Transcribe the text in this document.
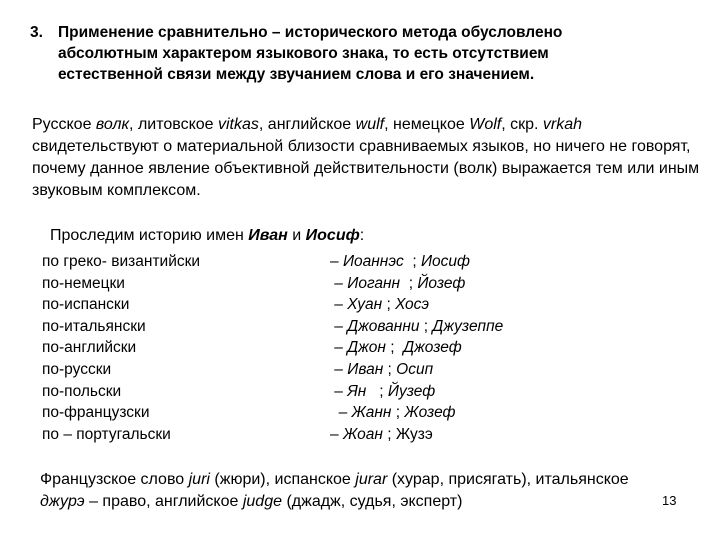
3. Применение сравнительно – исторического метода обусловлено
абсолютным характером языкового знака, то есть отсутствием
естественной связи между звучанием слова и его значением.
Русское волк, литовское vitkas, английское wulf, немецкое Wolf, скр. vrkah свидетельствуют о материальной близости сравниваемых языков, но ничего не говорят, почему данное явление объективной действительности (волк) выражается тем или иным звуковым комплексом.
Проследим историю имен Иван и Иосиф:
по греко- византийски	– Иоаннэс  ; Иосиф
по-немецки	– Иоганн  ; Йозеф
по-испански	– Хуан ; Хосэ
по-итальянски	– Джованни ; Джузеппе
по-английски	– Джон ;  Джозеф
по-русски	– Иван ; Осип
по-польски	– Ян   ; Йузеф
по-французски	– Жанн ; Жозеф
по – португальски	– Жоан ; Жузэ
Французское слово juri (жюри), испанское jurar (хурар, присягать), итальянское джурэ – право, английское judge (джадж, судья, эксперт)	13
